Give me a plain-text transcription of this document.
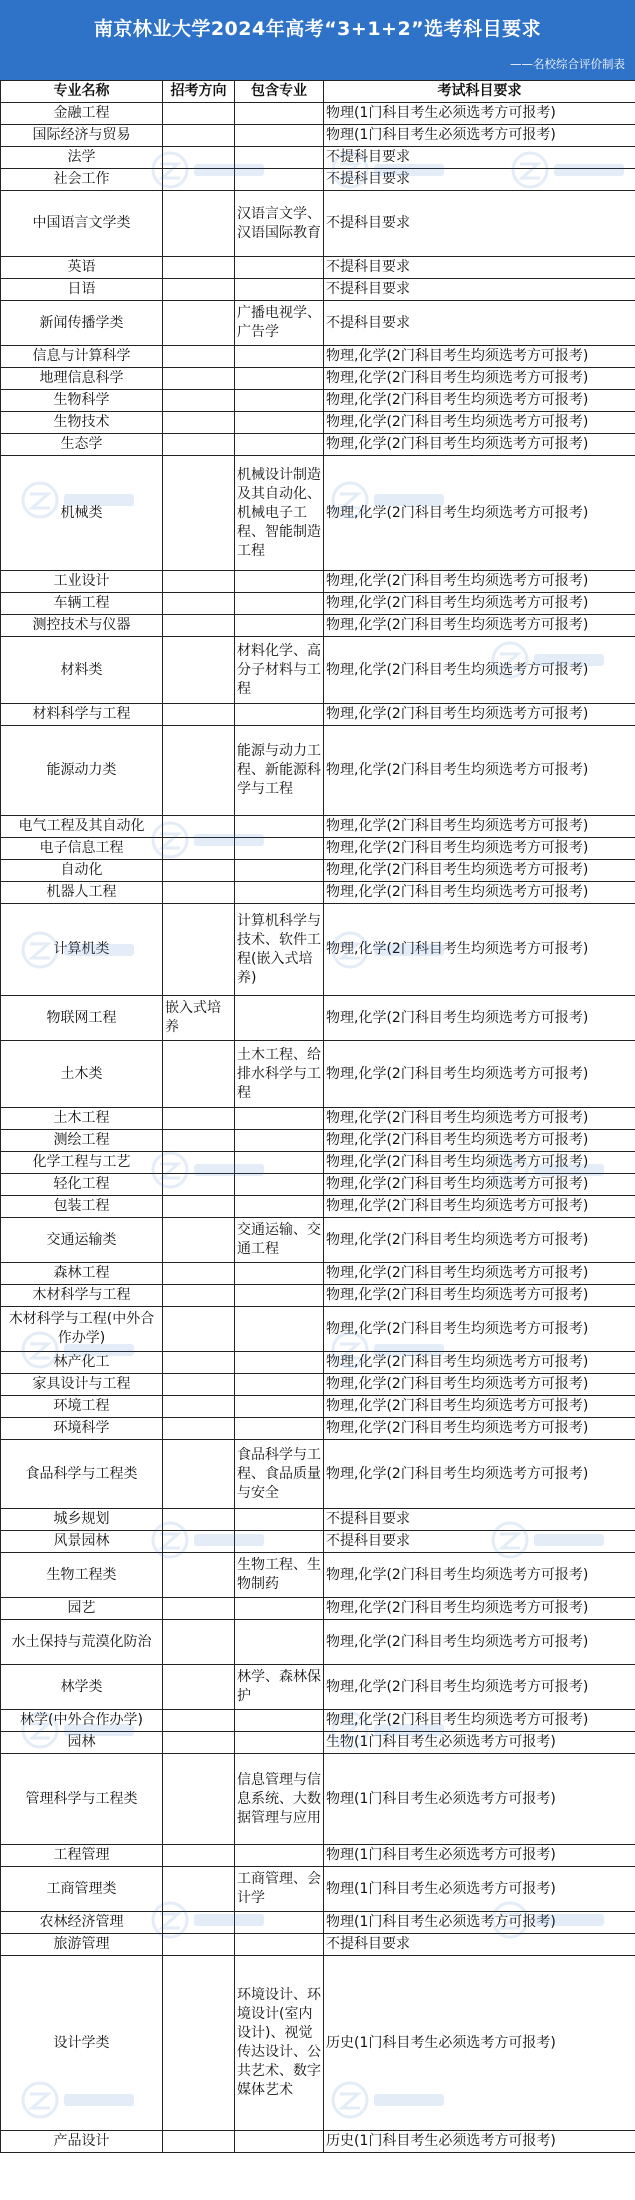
南京林业大学2024年高考“3+1+2”选考科目要求
——名校综合评价制表
专业名称	招考方向	包含专业	考试科目要求
金融工程			物理(1门科目考生必须选考方可报考)
国际经济与贸易			物理(1门科目考生必须选考方可报考)
法学			不提科目要求
社会工作			不提科目要求
中国语言文学类		汉语言文学、汉语国际教育	不提科目要求
英语			不提科目要求
日语			不提科目要求
新闻传播学类		广播电视学、广告学	不提科目要求
信息与计算科学			物理,化学(2门科目考生均须选考方可报考)
地理信息科学			物理,化学(2门科目考生均须选考方可报考)
生物科学			物理,化学(2门科目考生均须选考方可报考)
生物技术			物理,化学(2门科目考生均须选考方可报考)
生态学			物理,化学(2门科目考生均须选考方可报考)
机械类		机械设计制造及其自动化、机械电子工程、智能制造工程	物理,化学(2门科目考生均须选考方可报考)
工业设计			物理,化学(2门科目考生均须选考方可报考)
车辆工程			物理,化学(2门科目考生均须选考方可报考)
测控技术与仪器			物理,化学(2门科目考生均须选考方可报考)
材料类		材料化学、高分子材料与工程	物理,化学(2门科目考生均须选考方可报考)
材料科学与工程			物理,化学(2门科目考生均须选考方可报考)
能源动力类		能源与动力工程、新能源科学与工程	物理,化学(2门科目考生均须选考方可报考)
电气工程及其自动化			物理,化学(2门科目考生均须选考方可报考)
电子信息工程			物理,化学(2门科目考生均须选考方可报考)
自动化			物理,化学(2门科目考生均须选考方可报考)
机器人工程			物理,化学(2门科目考生均须选考方可报考)
计算机类		计算机科学与技术、软件工程(嵌入式培养)	物理,化学(2门科目考生均须选考方可报考)
物联网工程	嵌入式培养		物理,化学(2门科目考生均须选考方可报考)
土木类		土木工程、给排水科学与工程	物理,化学(2门科目考生均须选考方可报考)
土木工程			物理,化学(2门科目考生均须选考方可报考)
测绘工程			物理,化学(2门科目考生均须选考方可报考)
化学工程与工艺			物理,化学(2门科目考生均须选考方可报考)
轻化工程			物理,化学(2门科目考生均须选考方可报考)
包装工程			物理,化学(2门科目考生均须选考方可报考)
交通运输类		交通运输、交通工程	物理,化学(2门科目考生均须选考方可报考)
森林工程			物理,化学(2门科目考生均须选考方可报考)
木材科学与工程			物理,化学(2门科目考生均须选考方可报考)
木材科学与工程(中外合作办学)			物理,化学(2门科目考生均须选考方可报考)
林产化工			物理,化学(2门科目考生均须选考方可报考)
家具设计与工程			物理,化学(2门科目考生均须选考方可报考)
环境工程			物理,化学(2门科目考生均须选考方可报考)
环境科学			物理,化学(2门科目考生均须选考方可报考)
食品科学与工程类		食品科学与工程、食品质量与安全	物理,化学(2门科目考生均须选考方可报考)
城乡规划			不提科目要求
风景园林			不提科目要求
生物工程类		生物工程、生物制药	物理,化学(2门科目考生均须选考方可报考)
园艺			物理,化学(2门科目考生均须选考方可报考)
水土保持与荒漠化防治			物理,化学(2门科目考生均须选考方可报考)
林学类		林学、森林保护	物理,化学(2门科目考生均须选考方可报考)
林学(中外合作办学)			物理,化学(2门科目考生均须选考方可报考)
园林			生物(1门科目考生必须选考方可报考)
管理科学与工程类		信息管理与信息系统、大数据管理与应用	物理(1门科目考生必须选考方可报考)
工程管理			物理(1门科目考生必须选考方可报考)
工商管理类		工商管理、会计学	物理(1门科目考生必须选考方可报考)
农林经济管理			物理(1门科目考生必须选考方可报考)
旅游管理			不提科目要求
设计学类		环境设计、环境设计(室内设计)、视觉传达设计、公共艺术、数字媒体艺术	历史(1门科目考生必须选考方可报考)
产品设计			历史(1门科目考生必须选考方可报考)
